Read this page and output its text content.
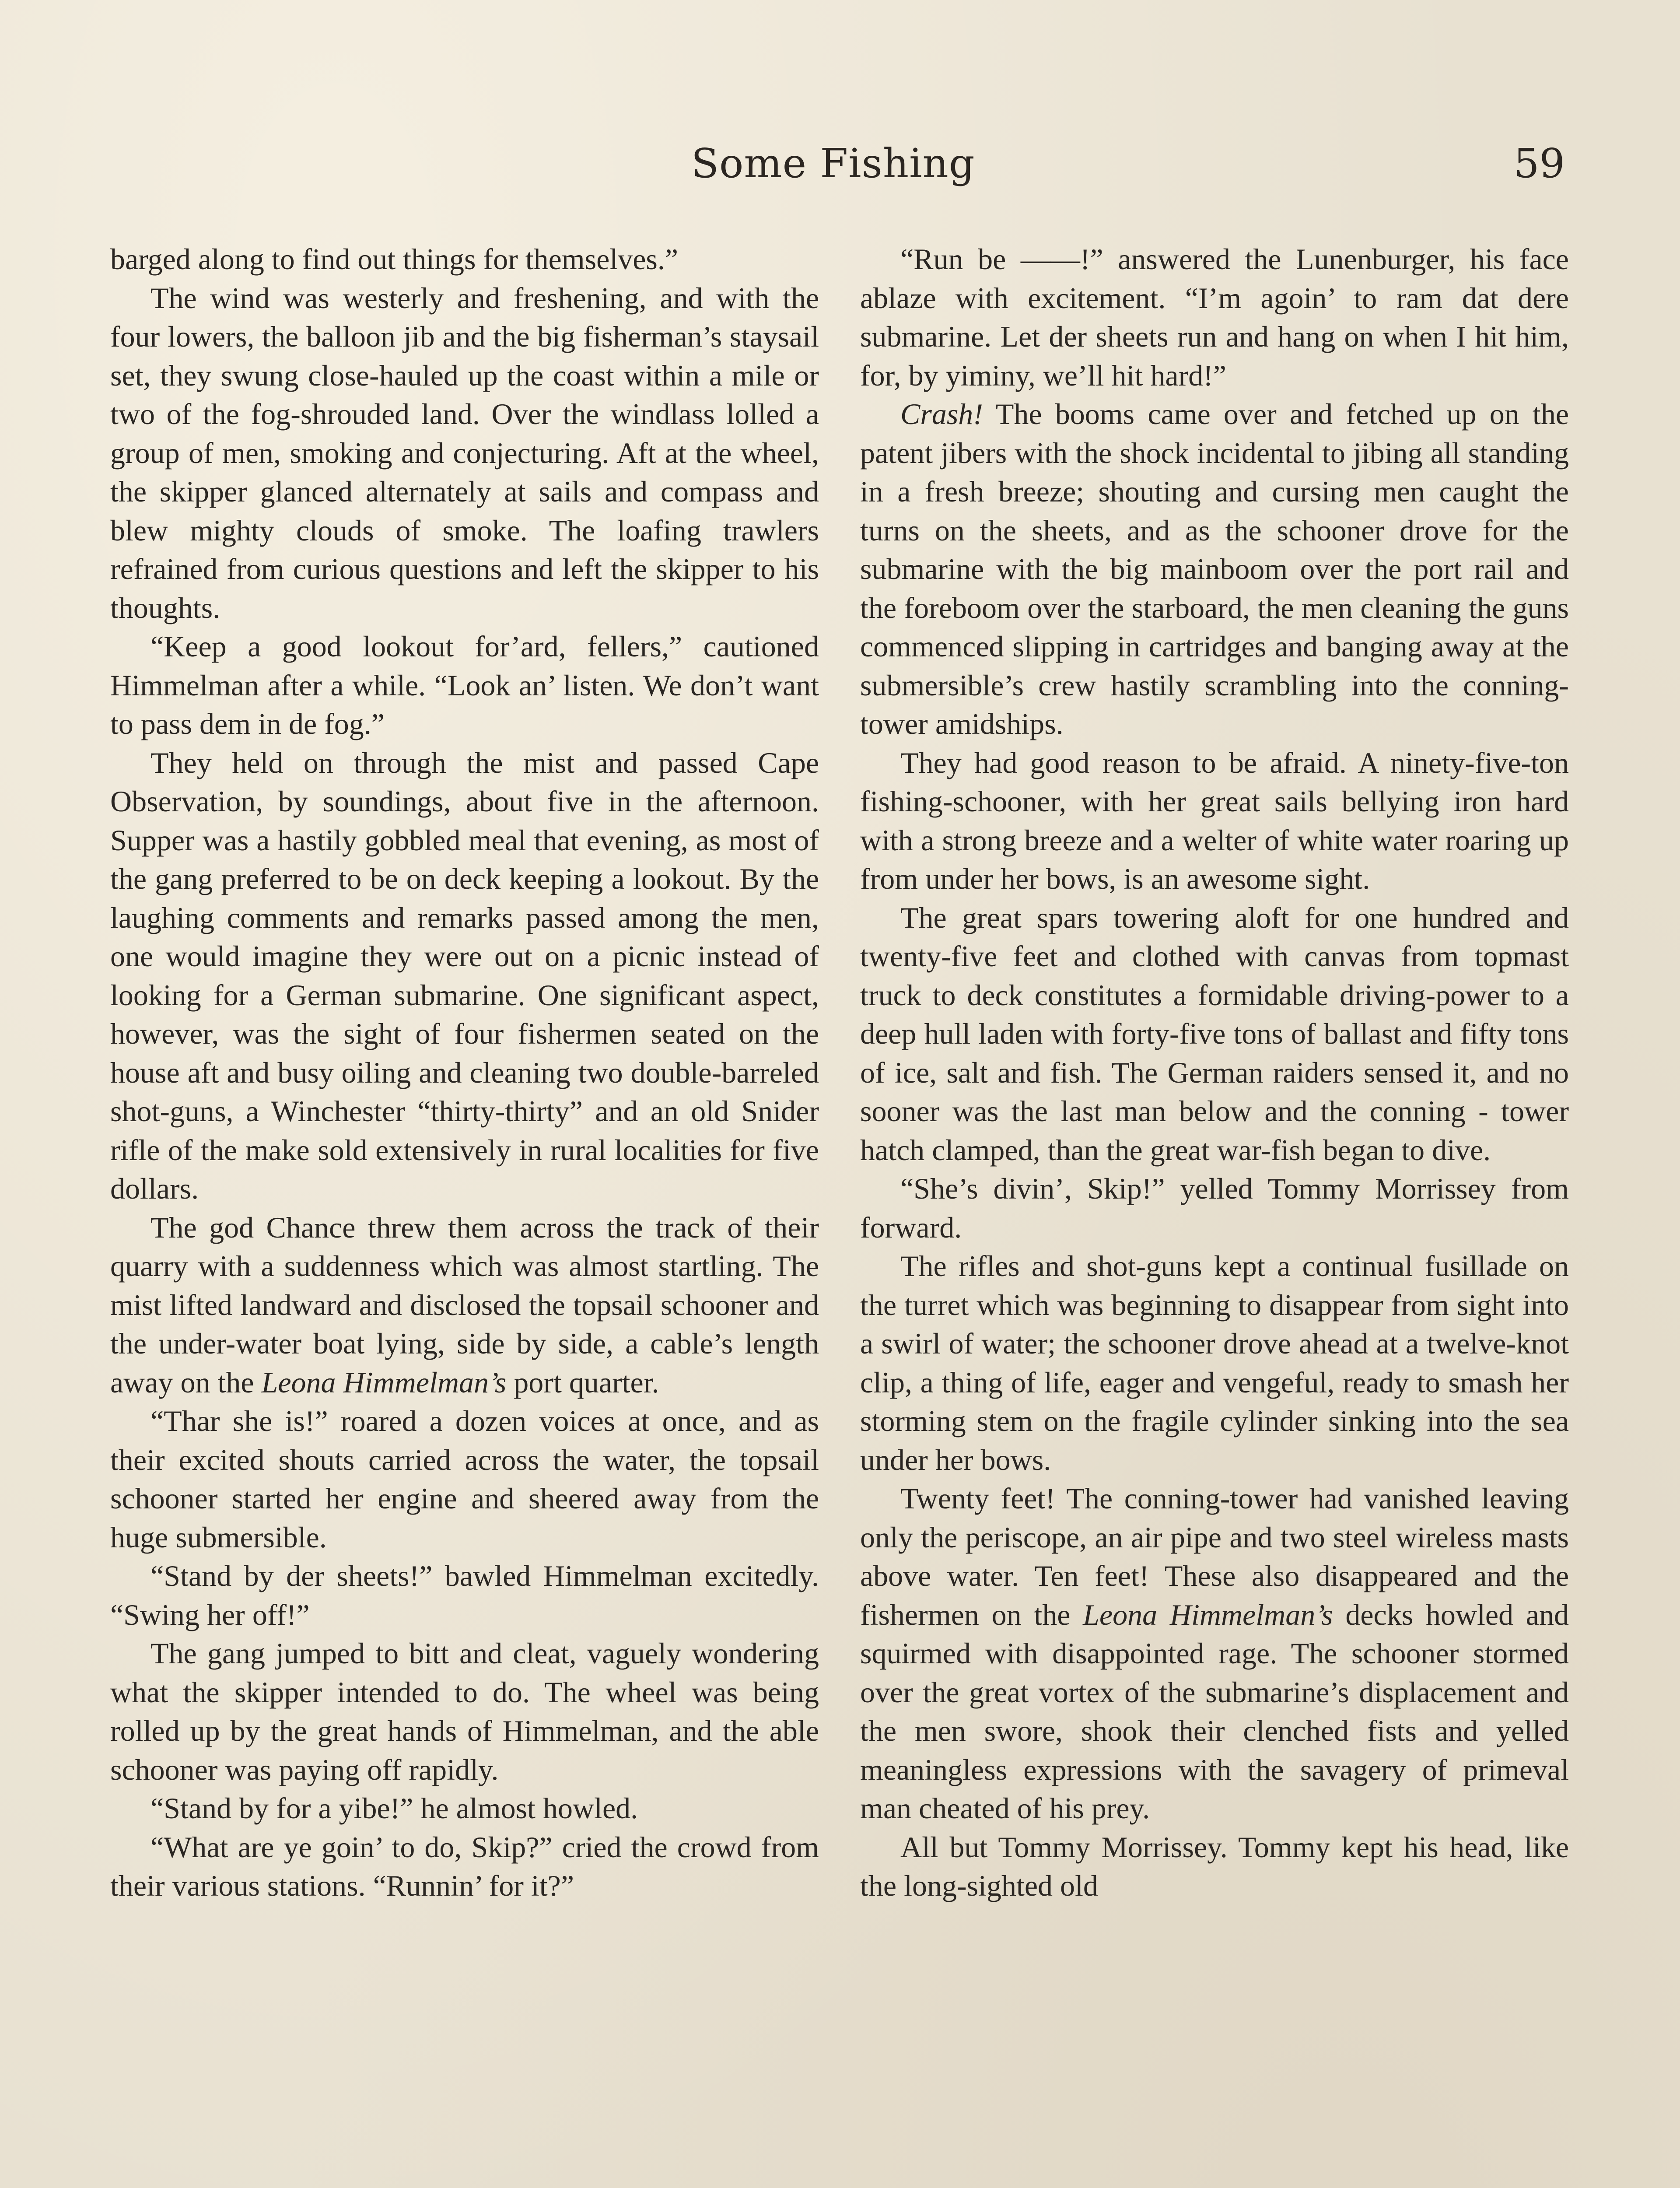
Some Fishing	59

barged along to find out things for themselves.”

The wind was westerly and freshening, and with the four lowers, the balloon jib and the big fisherman’s staysail set, they swung close-hauled up the coast within a mile or two of the fog-shrouded land. Over the windlass lolled a group of men, smoking and conjecturing. Aft at the wheel, the skipper glanced alternately at sails and compass and blew mighty clouds of smoke. The loafing trawlers refrained from curious questions and left the skipper to his thoughts.

“Keep a good lookout for’ard, fellers,” cautioned Himmelman after a while. “Look an’ listen. We don’t want to pass dem in de fog.”

They held on through the mist and passed Cape Observation, by soundings, about five in the afternoon. Supper was a hastily gobbled meal that evening, as most of the gang preferred to be on deck keeping a lookout. By the laughing comments and remarks passed among the men, one would imagine they were out on a picnic instead of looking for a German submarine. One significant aspect, however, was the sight of four fishermen seated on the house aft and busy oiling and cleaning two double-barreled shot-guns, a Winchester “thirty-thirty” and an old Snider rifle of the make sold extensively in rural localities for five dollars.

The god Chance threw them across the track of their quarry with a suddenness which was almost startling. The mist lifted landward and disclosed the topsail schooner and the under-water boat lying, side by side, a cable’s length away on the Leona Himmelman’s port quarter.

“Thar she is!” roared a dozen voices at once, and as their excited shouts carried across the water, the topsail schooner started her engine and sheered away from the huge submersible.

“Stand by der sheets!” bawled Himmelman excitedly. “Swing her off!”

The gang jumped to bitt and cleat, vaguely wondering what the skipper intended to do. The wheel was being rolled up by the great hands of Himmelman, and the able schooner was paying off rapidly.

“Stand by for a yibe!” he almost howled.

“What are ye goin’ to do, Skip?” cried the crowd from their various stations. “Runnin’ for it?”

“Run be ——!” answered the Lunenburger, his face ablaze with excitement. “I’m agoin’ to ram dat dere submarine. Let der sheets run and hang on when I hit him, for, by yiminy, we’ll hit hard!”

Crash! The booms came over and fetched up on the patent jibers with the shock incidental to jibing all standing in a fresh breeze; shouting and cursing men caught the turns on the sheets, and as the schooner drove for the submarine with the big mainboom over the port rail and the foreboom over the starboard, the men cleaning the guns commenced slipping in cartridges and banging away at the submersible’s crew hastily scrambling into the conning-tower amidships.

They had good reason to be afraid. A ninety-five-ton fishing-schooner, with her great sails bellying iron hard with a strong breeze and a welter of white water roaring up from under her bows, is an awesome sight.

The great spars towering aloft for one hundred and twenty-five feet and clothed with canvas from topmast truck to deck constitutes a formidable driving-power to a deep hull laden with forty-five tons of ballast and fifty tons of ice, salt and fish. The German raiders sensed it, and no sooner was the last man below and the conning - tower hatch clamped, than the great war-fish began to dive.

“She’s divin’, Skip!” yelled Tommy Morrissey from forward.

The rifles and shot-guns kept a continual fusillade on the turret which was beginning to disappear from sight into a swirl of water; the schooner drove ahead at a twelve-knot clip, a thing of life, eager and vengeful, ready to smash her storming stem on the fragile cylinder sinking into the sea under her bows.

Twenty feet! The conning-tower had vanished leaving only the periscope, an air pipe and two steel wireless masts above water. Ten feet! These also disappeared and the fishermen on the Leona Himmelman’s decks howled and squirmed with disappointed rage. The schooner stormed over the great vortex of the submarine’s displacement and the men swore, shook their clenched fists and yelled meaningless expressions with the savagery of primeval man cheated of his prey.

All but Tommy Morrissey. Tommy kept his head, like the long-sighted old
